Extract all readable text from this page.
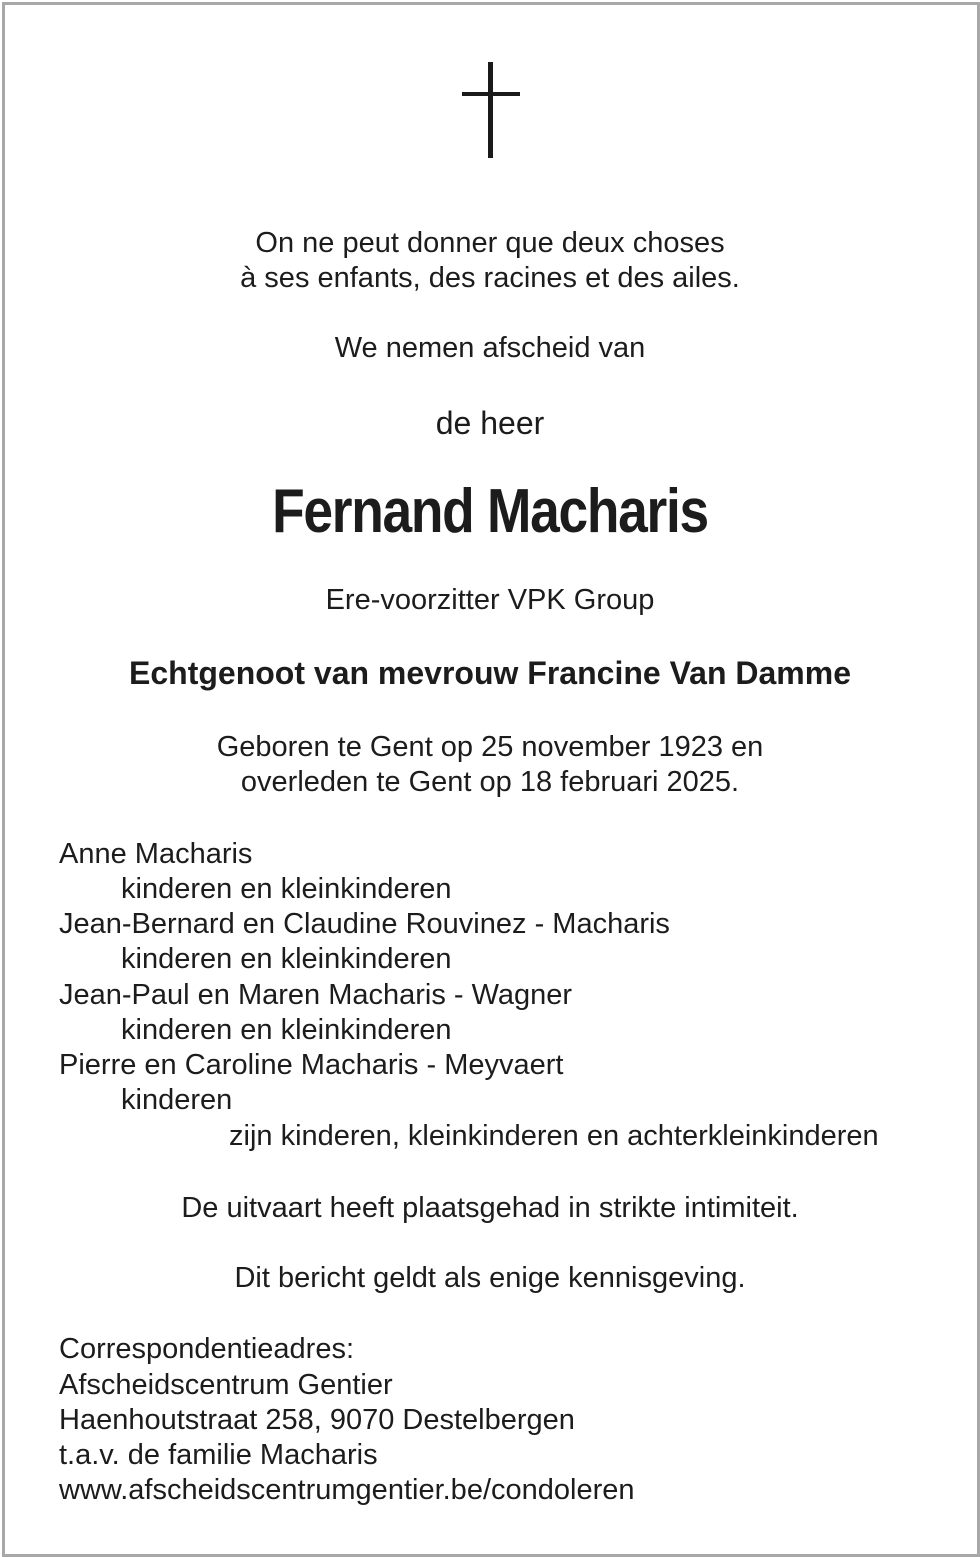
On ne peut donner que deux choses
à ses enfants, des racines et des ailes.
We nemen afscheid van
de heer
Fernand Macharis
Ere-voorzitter VPK Group
Echtgenoot van mevrouw Francine Van Damme
Geboren te Gent op 25 november 1923 en
overleden te Gent op 18 februari 2025.
Anne Macharis
kinderen en kleinkinderen
Jean-Bernard en Claudine Rouvinez - Macharis
kinderen en kleinkinderen
Jean-Paul en Maren Macharis - Wagner
kinderen en kleinkinderen
Pierre en Caroline Macharis - Meyvaert
kinderen
zijn kinderen, kleinkinderen en achterkleinkinderen
De uitvaart heeft plaatsgehad in strikte intimiteit.
Dit bericht geldt als enige kennisgeving.
Correspondentieadres:
Afscheidscentrum Gentier
Haenhoutstraat 258, 9070 Destelbergen
t.a.v. de familie Macharis
www.afscheidscentrumgentier.be/condoleren
